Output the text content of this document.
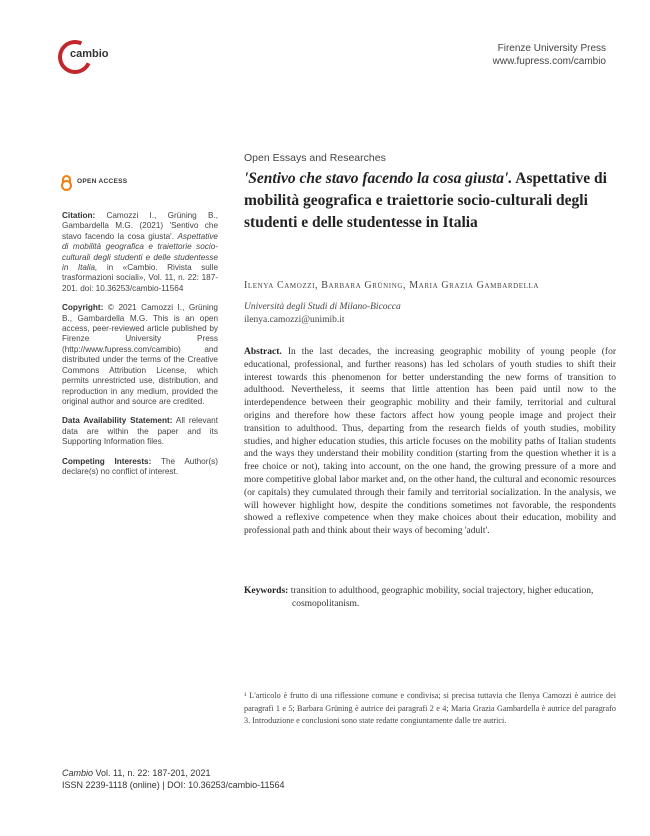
cambio	Firenze University Press
www.fupress.com/cambio
OPEN ACCESS
Citation: Camozzi I., Grüning B., Gambardella M.G. (2021) 'Sentivo che stavo facendo la cosa giusta'. Aspettative di mobilità geografica e traiettorie socio-culturali degli studenti e delle studentesse in Italia, in «Cambio. Rivista sulle trasformazioni sociali», Vol. 11, n. 22: 187-201. doi: 10.36253/cambio-11564
Copyright: © 2021 Camozzi I., Grüning B., Gambardella M.G. This is an open access, peer-reviewed article published by Firenze University Press (http://www.fupress.com/cambio) and distributed under the terms of the Creative Commons Attribution License, which permits unrestricted use, distribution, and reproduction in any medium, provided the original author and source are credited.
Data Availability Statement: All relevant data are within the paper and its Supporting Information files.
Competing Interests: The Author(s) declare(s) no conflict of interest.
Open Essays and Researches
'Sentivo che stavo facendo la cosa giusta'. Aspettative di mobilità geografica e traiettorie socio-culturali degli studenti e delle studentesse in Italia
Ilenya Camozzi, Barbara Grüning, Maria Grazia Gambardella
Università degli Studi di Milano-Bicocca
ilenya.camozzi@unimib.it
Abstract. In the last decades, the increasing geographic mobility of young people (for educational, professional, and further reasons) has led scholars of youth studies to shift their interest towards this phenomenon for better understanding the new forms of transition to adulthood. Nevertheless, it seems that little attention has been paid until now to the interdependence between their geographic mobility and their family, territorial and cultural origins and therefore how these factors affect how young people image and project their transition to adulthood. Thus, departing from the research fields of youth studies, mobility studies, and higher education studies, this article focuses on the mobility paths of Italian students and the ways they understand their mobility condition (starting from the question whether it is a free choice or not), taking into account, on the one hand, the growing pressure of a more and more competitive global labor market and, on the other hand, the cultural and economic resources (or capitals) they cumulated through their family and territorial socialization. In the analysis, we will however highlight how, despite the conditions sometimes not favorable, the respondents showed a reflexive competence when they make choices about their education, mobility and professional path and think about their ways of becoming 'adult'.
Keywords: transition to adulthood, geographic mobility, social trajectory, higher education, cosmopolitanism.
¹ L'articolo è frutto di una riflessione comune e condivisa; si precisa tuttavia che Ilenya Camozzi è autrice dei paragrafi 1 e 5; Barbara Grüning è autrice dei paragrafi 2 e 4; Maria Grazia Gambardella è autrice del paragrafo 3. Introduzione e conclusioni sono state redatte congiuntamente dalle tre autrici.
Cambio Vol. 11, n. 22: 187-201, 2021
ISSN 2239-1118 (online) | DOI: 10.36253/cambio-11564
